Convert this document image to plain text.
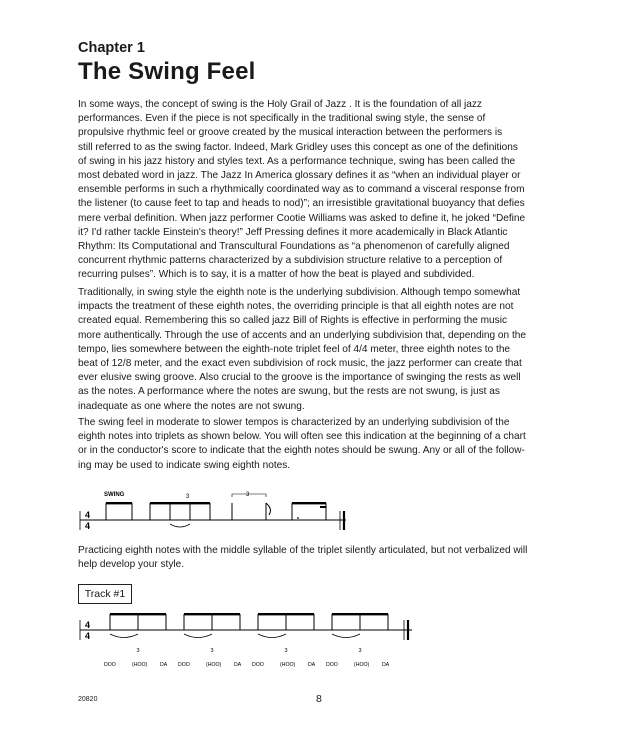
Chapter 1
The Swing Feel
In some ways, the concept of swing is the Holy Grail of Jazz . It is the foundation of all jazz
performances. Even if the piece is not specifically in the traditional swing style, the sense of
propulsive rhythmic feel or groove created by the musical interaction between the performers is
still referred to as the swing factor. Indeed, Mark Gridley uses this concept as one of the definitions
of swing in his jazz history and styles text. As a performance technique, swing has been called the
most debated word in jazz. The Jazz In America glossary defines it as “when an individual player or
ensemble performs in such a rhythmically coordinated way as to command a visceral response from
the listener (to cause feet to tap and heads to nod)”; an irresistible gravitational buoyancy that defies
mere verbal definition. When jazz performer Cootie Williams was asked to define it, he joked “Define
it? I'd rather tackle Einstein's theory!” Jeff Pressing defines it more academically in Black Atlantic
Rhythm: Its Computational and Transcultural Foundations as “a phenomenon of carefully aligned
concurrent rhythmic patterns characterized by a subdivision structure relative to a perception of
recurring pulses”. Which is to say, it is a matter of how the beat is played and subdivided.
Traditionally, in swing style the eighth note is the underlying subdivision. Although tempo somewhat
impacts the treatment of these eighth notes, the overriding principle is that all eighth notes are not
created equal. Remembering this so called jazz Bill of Rights is effective in performing the music
more authentically. Through the use of accents and an underlying subdivision that, depending on the
tempo, lies somewhere between the eighth-note triplet feel of 4/4 meter, three eighth notes to the
beat of 12/8 meter, and the exact even subdivision of rock music, the jazz performer can create that
ever elusive swing groove. Also crucial to the groove is the importance of swinging the rests as well
as the notes. A performance where the notes are swung, but the rests are not swung, is just as
inadequate as one where the notes are not swung.
The swing feel in moderate to slower tempos is characterized by an underlying subdivision of the
eighth notes into triplets as shown below. You will often see this indication at the beginning of a chart
or in the conductor's score to indicate that the eighth notes should be swung. Any or all of the follow-
ing may be used to indicate swing eighth notes.
SWING
4
4
3	3
Practicing eighth notes with the middle syllable of the triplet silently articulated, but not verbalized will
help develop your style.
Track #1
4
4
3	3	3	3
DOO	(HOO) DA DOO	(HOO) DA DOO	(HOO) DA DOO	(HOO) DA
20820	8
